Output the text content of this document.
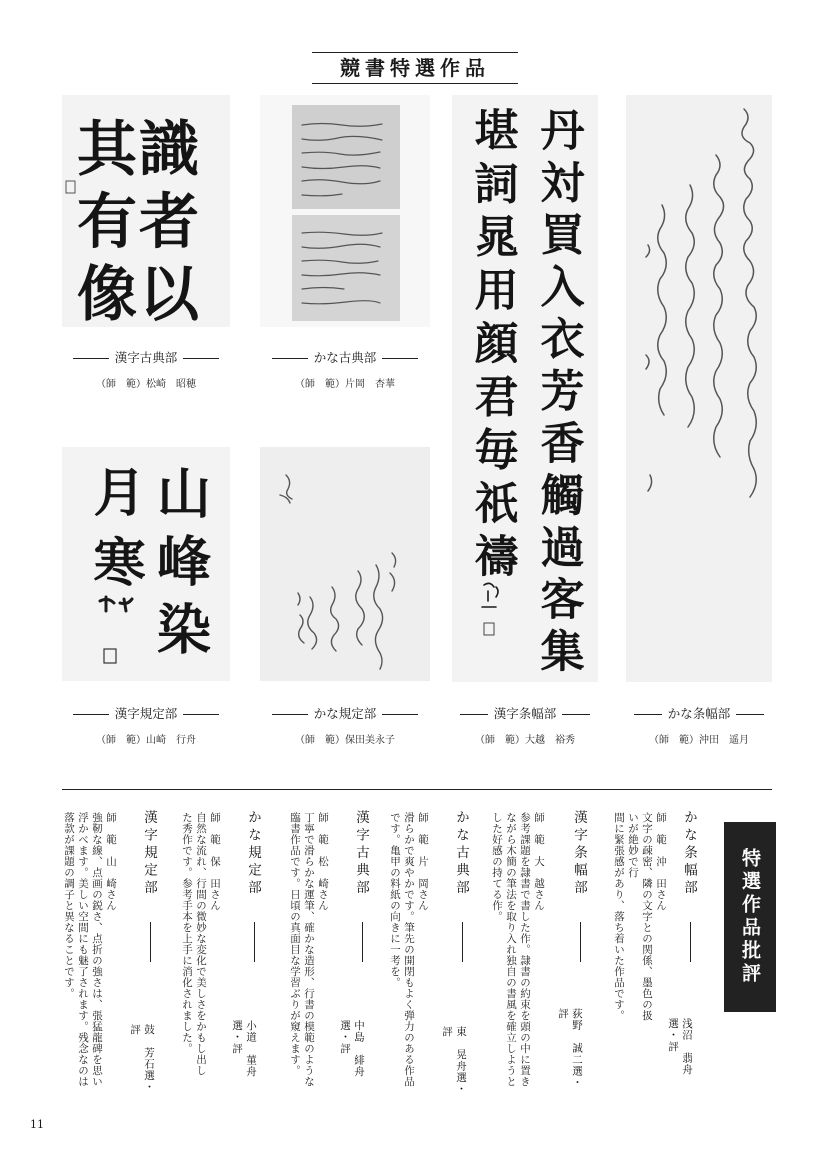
競書特選作品
識者以
其有像
漢字古典部
（師　範）松崎　昭穂
かな古典部
（師　範）片岡　杏華
山峰染
月寒
漢字規定部
（師　範）山崎　行舟
かな規定部
（師　範）保田美永子
丹対買入衣芳香觸過客集
堪詞晁用顔君毎祇禱
漢字条幅部
（師　範）大越　裕秀
かな条幅部
（師　範）沖田　遥月
特選作品批評
かな条幅部
師　範　沖　田さん
文字の疎密、隣の文字との関係、墨色の扱いが絶妙で行
間に緊張感があり、落ち着いた作品です。
浅沼　翡舟選・評
漢字条幅部
師　範　大　越さん
参考課題を隷書で書した作。隷書の約束を頭の中に置き
ながら木簡の筆法を取り入れ独自の書風を確立しようと
した好感の持てる作。
荻野　誠二選・評
かな古典部
師　範　片　岡さん
滑らかで爽やかです。筆先の開閉もよく弾力のある作品
です。亀甲の料紙の向きに一考を。
東　晃舟選・評
漢字古典部
師　範　松　崎さん
丁寧で滑らかな運筆、確かな造形、行書の模範のような
臨書作品です。日頃の真面目な学習ぶりが窺えます。	中島　緋舟選・評
かな規定部
師　範　保　田さん
自然な流れ、行間の微妙な変化で美しさをかもし出し
た秀作です。参考手本を上手に消化されました。	小道　菫舟選・評
漢字規定部
師　範　山　崎さん
強靭な線、点画の鋭さ、点折の強さは、張猛龍碑を思い
浮かべます。美しい空間にも魅了されます。残念なのは
落款が課題の調子と異なることです。
鼓　芳石選・評
11
